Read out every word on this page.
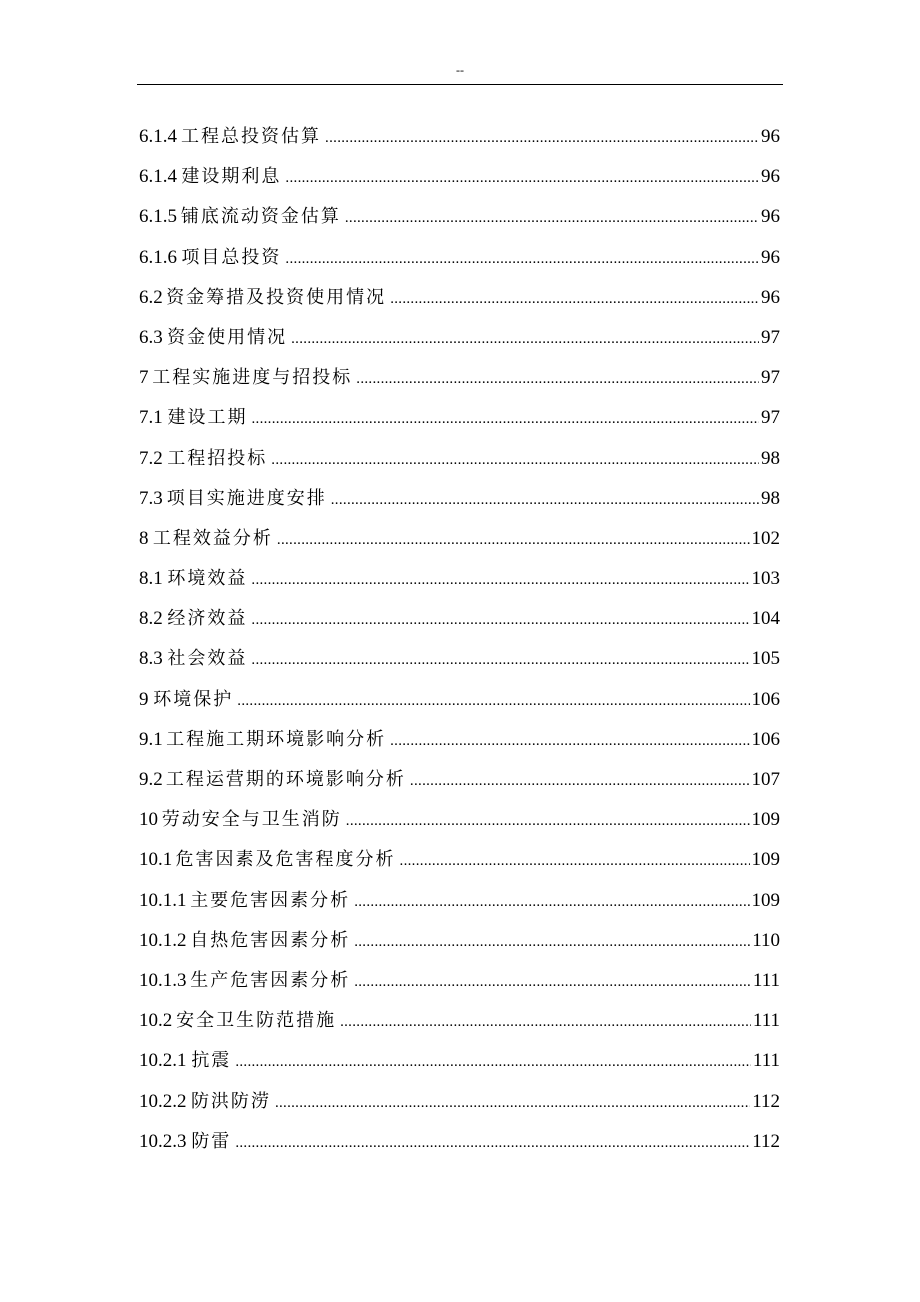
--
6.1.4 工程总投资估算 .....	96
6.1.4 建设期利息 .....	96
6.1.5 铺底流动资金估算 .....	96
6.1.6 项目总投资 .....	96
6.2 资金筹措及投资使用情况 .....	96
6.3 资金使用情况 .....	97
7 工程实施进度与招投标 .....	97
7.1 建设工期 .....	97
7.2 工程招投标 .....	98
7.3 项目实施进度安排 .....	98
8 工程效益分析 .....	102
8.1 环境效益 .....	103
8.2 经济效益 .....	104
8.3 社会效益 .....	105
9 环境保护 .....	106
9.1 工程施工期环境影响分析 .....	106
9.2 工程运营期的环境影响分析 .....	107
10 劳动安全与卫生消防 .....	109
10.1 危害因素及危害程度分析 .....	109
10.1.1 主要危害因素分析 .....	109
10.1.2 自热危害因素分析 .....	110
10.1.3 生产危害因素分析 .....	111
10.2 安全卫生防范措施 .....	111
10.2.1 抗震 .....	111
10.2.2 防洪防涝 .....	112
10.2.3 防雷 .....	112
